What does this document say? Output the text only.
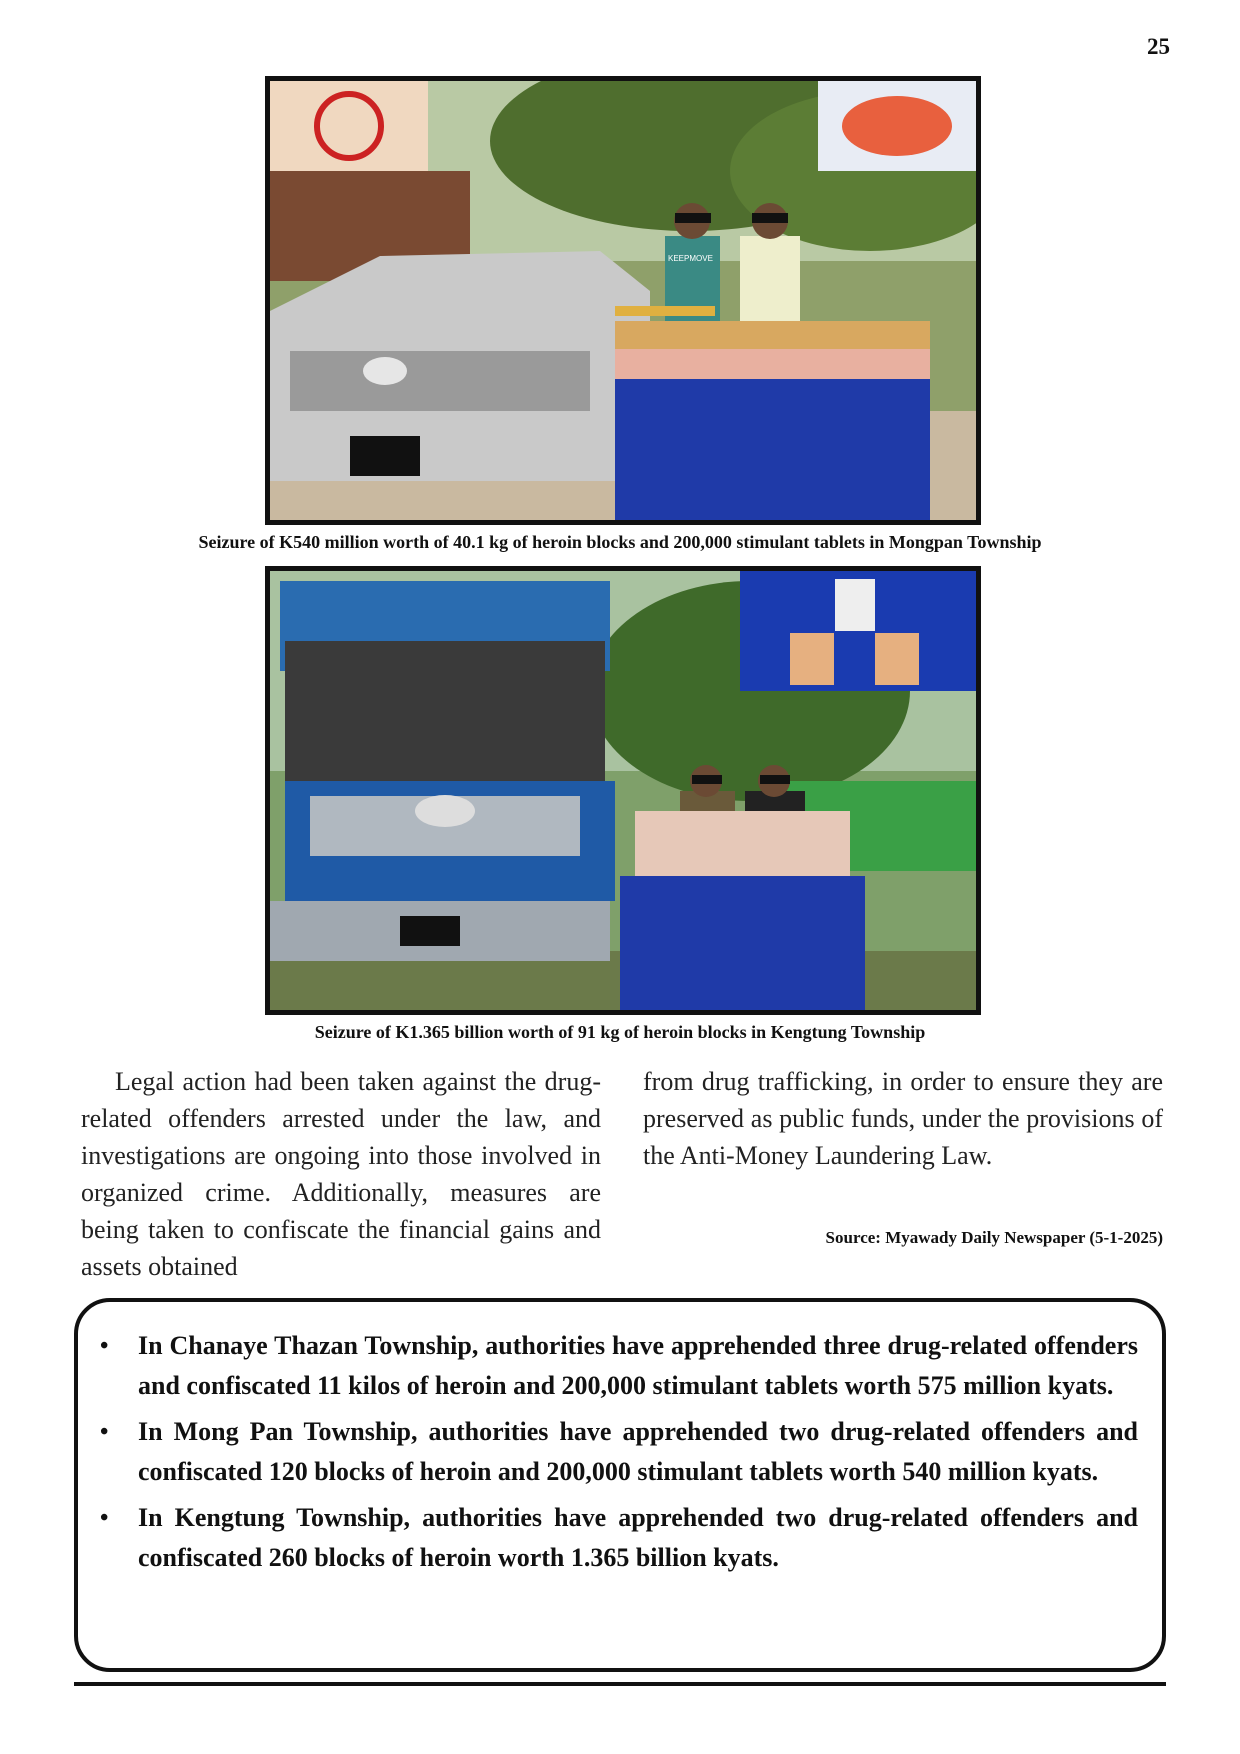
25
KEEPMOVE
Seizure of K540 million worth of 40.1 kg of heroin blocks and 200,000 stimulant tablets in Mongpan Township
Seizure of K1.365 billion worth of 91 kg of heroin blocks in Kengtung Township
Legal action had been taken against the drug-related offenders arrested under the law, and investigations are ongoing into those involved in organized crime. Additionally, measures are being taken to confiscate the financial gains and assets obtained
from drug trafficking, in order to ensure they are preserved as public funds, under the provisions of the Anti-Money Laundering Law.
Source: Myawady Daily Newspaper (5-1-2025)
• In Chanaye Thazan Township, authorities have apprehended three drug-related offenders and confiscated 11 kilos of heroin and 200,000 stimulant tablets worth 575 million kyats.
• In Mong Pan Township, authorities have apprehended two drug-related offenders and confiscated 120 blocks of heroin and 200,000 stimulant tablets worth 540 million kyats.
• In Kengtung Township, authorities have apprehended two drug-related offenders and confiscated 260 blocks of heroin worth 1.365 billion kyats.
